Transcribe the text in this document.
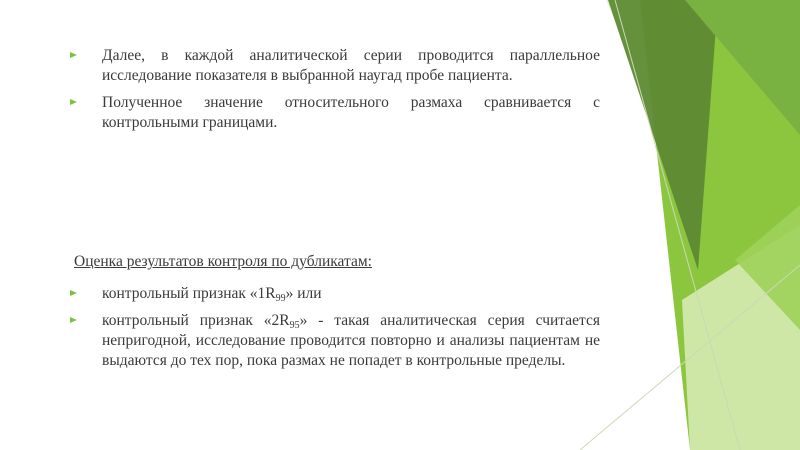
Далее, в каждой аналитической серии проводится параллельное исследование показателя в выбранной наугад пробе пациента.
Полученное значение относительного размаха сравнивается с контрольными границами.

Оценка результатов контроля по дубликатам:

контрольный признак «$1R_{99}$» или
контрольный признак «$2R_{95}$» - такая аналитическая серия считается непригодной, исследование проводится повторно и анализы пациентам не выдаются до тех пор, пока размах не попадет в контрольные пределы.
